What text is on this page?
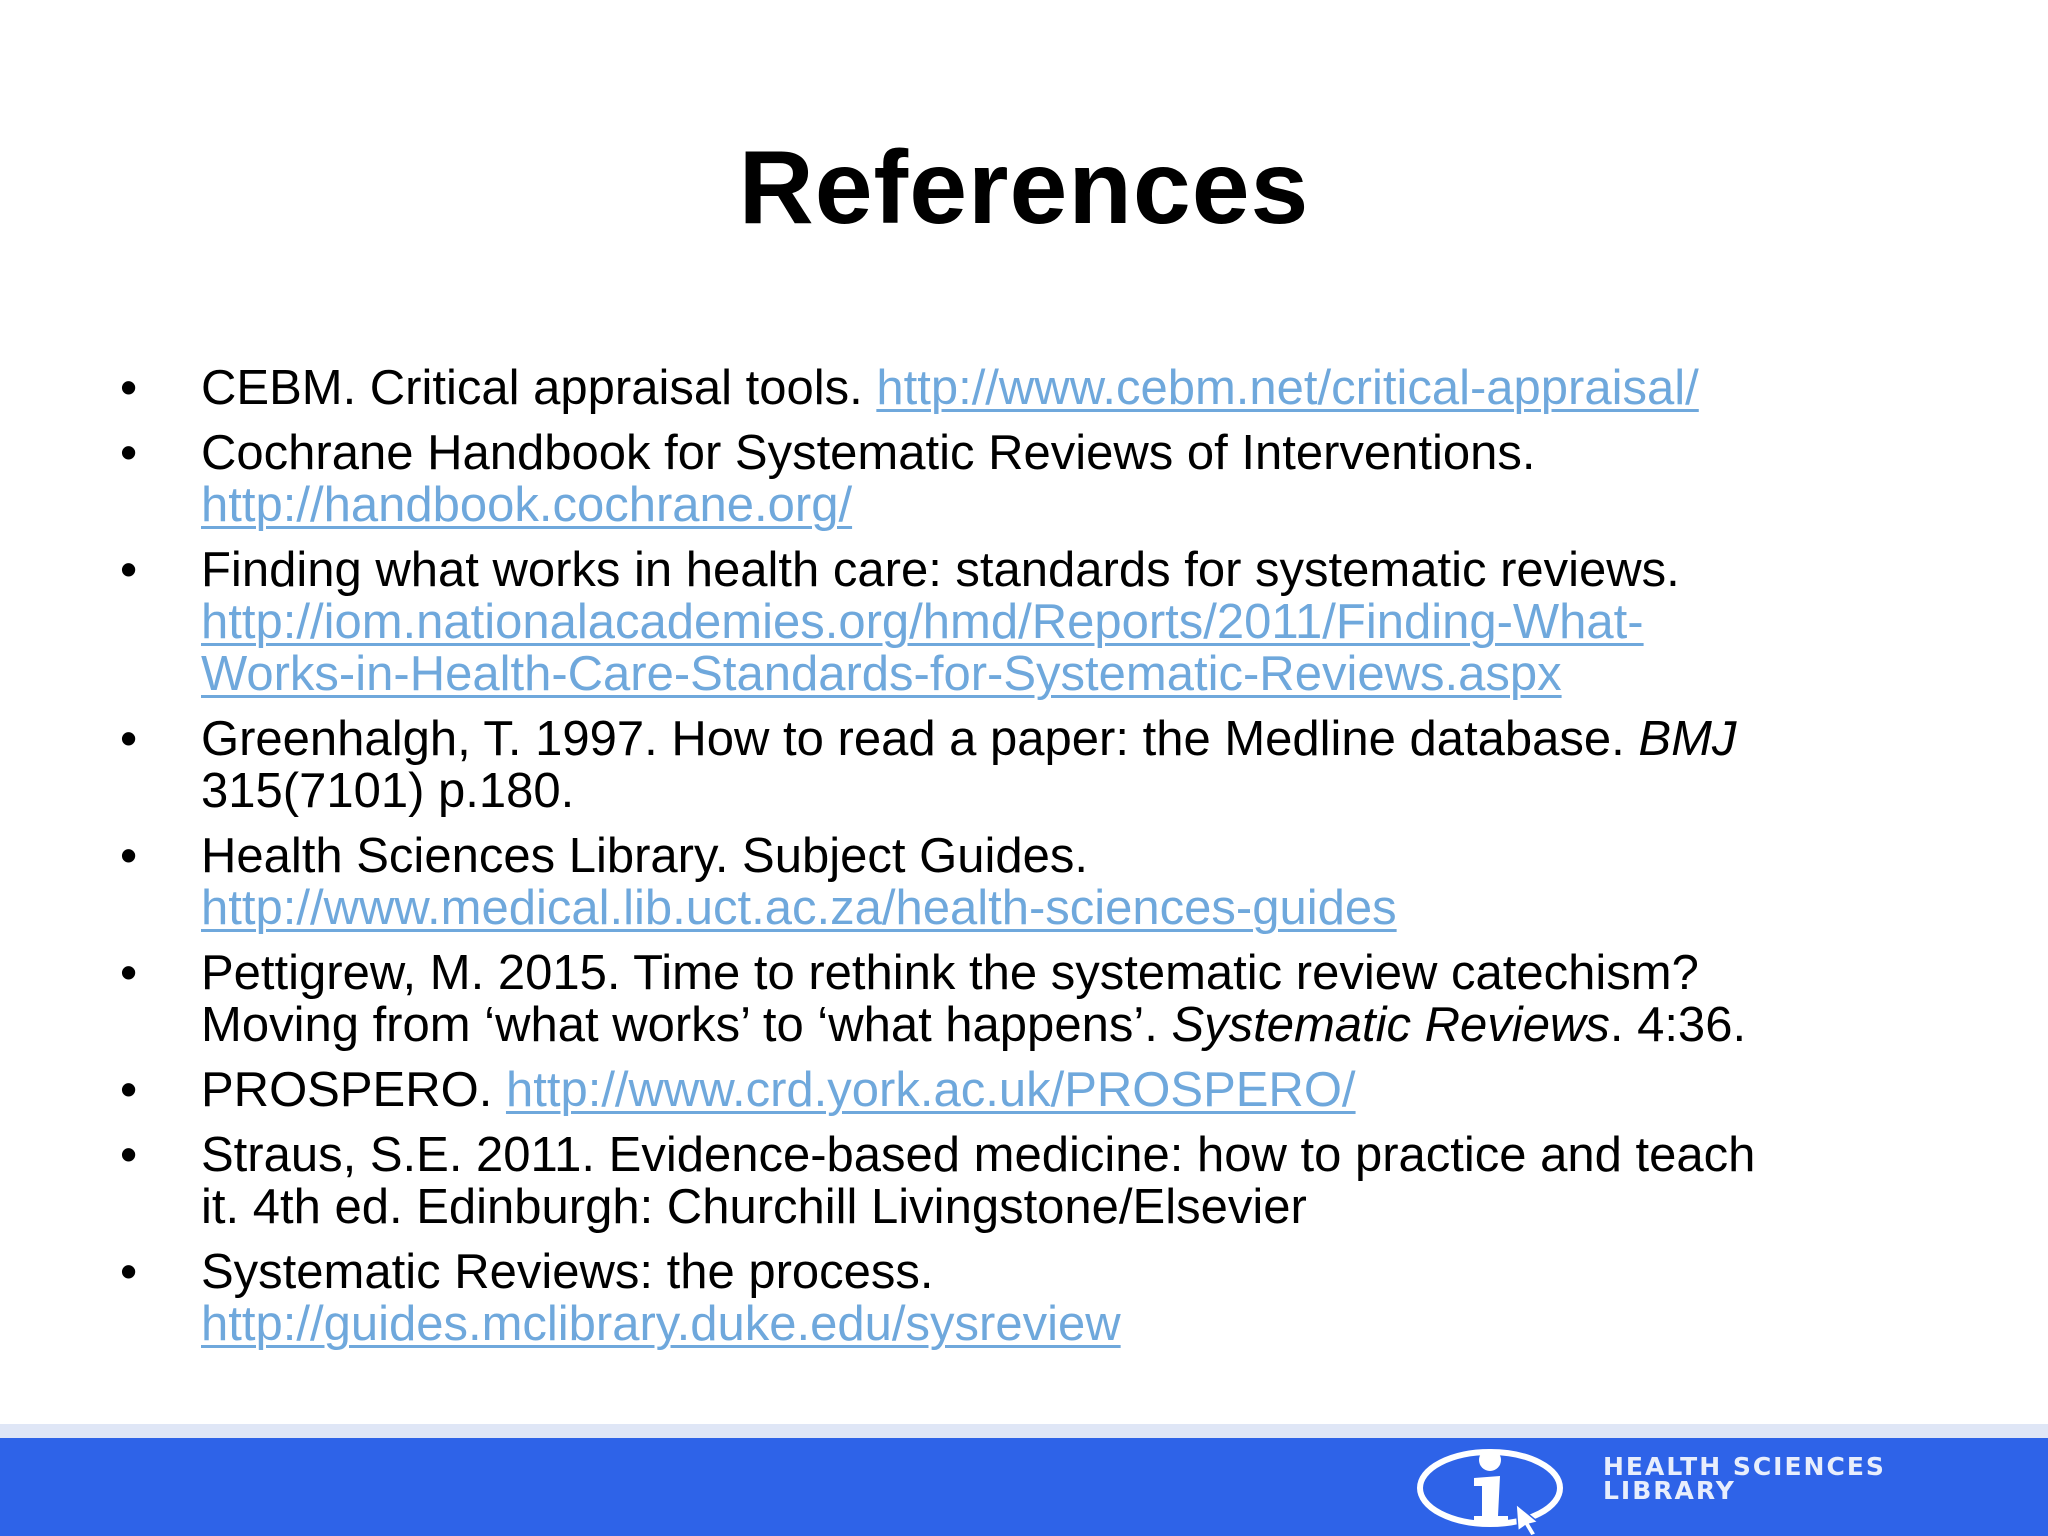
References
• CEBM. Critical appraisal tools. http://www.cebm.net/critical-appraisal/
• Cochrane Handbook for Systematic Reviews of Interventions.
http://handbook.cochrane.org/
• Finding what works in health care: standards for systematic reviews.
http://iom.nationalacademies.org/hmd/Reports/2011/Finding-What-
Works-in-Health-Care-Standards-for-Systematic-Reviews.aspx
• Greenhalgh, T. 1997. How to read a paper: the Medline database. BMJ
315(7101) p.180.
• Health Sciences Library. Subject Guides.
http://www.medical.lib.uct.ac.za/health-sciences-guides
• Pettigrew, M. 2015. Time to rethink the systematic review catechism?
Moving from ‘what works’ to ‘what happens’. Systematic Reviews. 4:36.
• PROSPERO. http://www.crd.york.ac.uk/PROSPERO/
• Straus, S.E. 2011. Evidence-based medicine: how to practice and teach
it. 4th ed. Edinburgh: Churchill Livingstone/Elsevier
• Systematic Reviews: the process.
http://guides.mclibrary.duke.edu/sysreview
HEALTH SCIENCES
LIBRARY
